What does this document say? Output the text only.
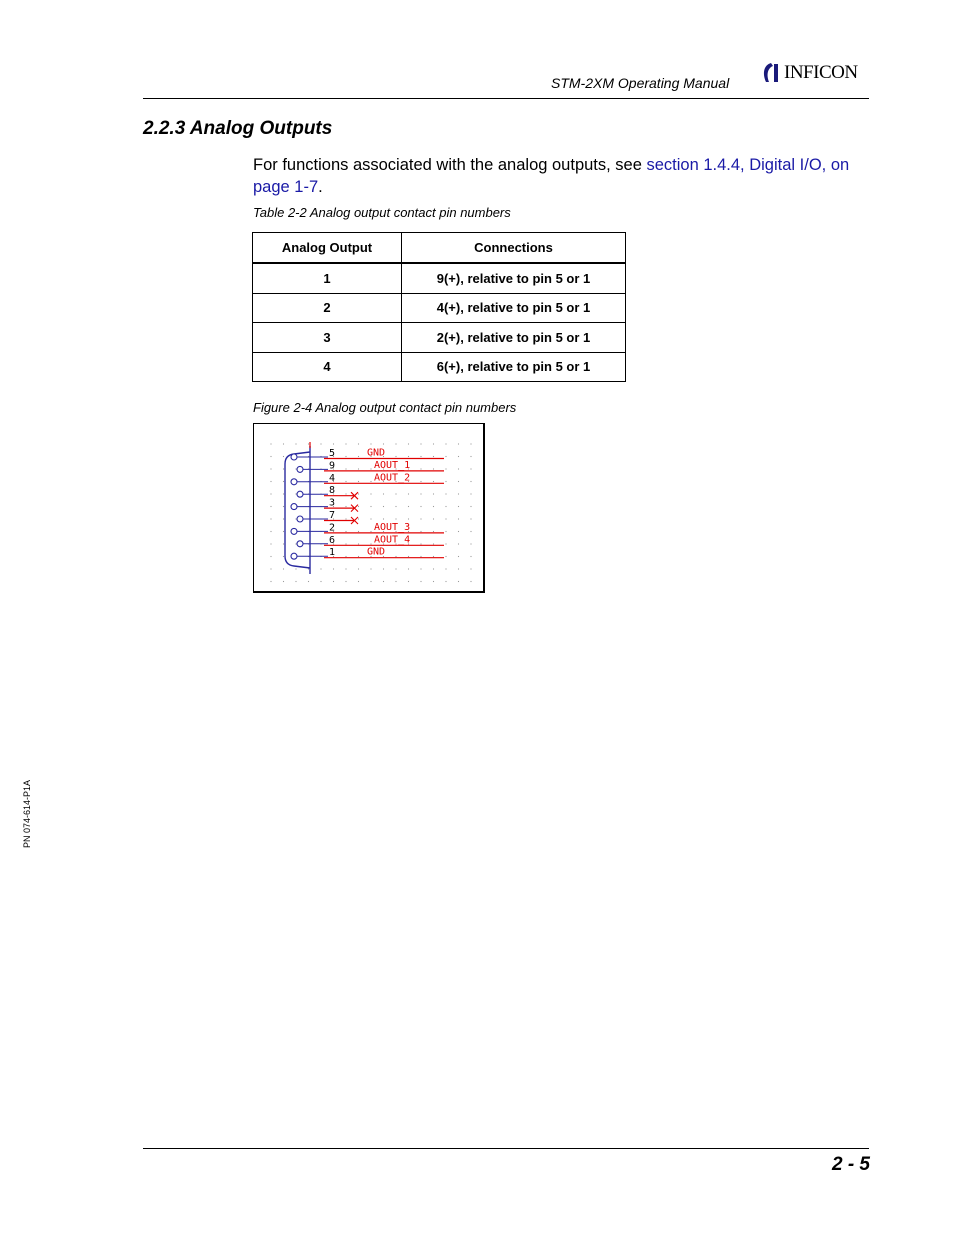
STM-2XM Operating Manual	INFICON
2.2.3 Analog Outputs
For functions associated with the analog outputs, see section 1.4.4, Digital I/O, on page 1-7.
Table 2-2 Analog output contact pin numbers
Analog Output	Connections
1	9(+), relative to pin 5 or 1
2	4(+), relative to pin 5 or 1
3	2(+), relative to pin 5 or 1
4	6(+), relative to pin 5 or 1
Figure 2-4 Analog output contact pin numbers
5	GND
9	AOUT_1
4	AOUT_2
8
3
7
2	AOUT_3
6	AOUT_4
1	GND
PN 074-614-P1A
2 - 5
